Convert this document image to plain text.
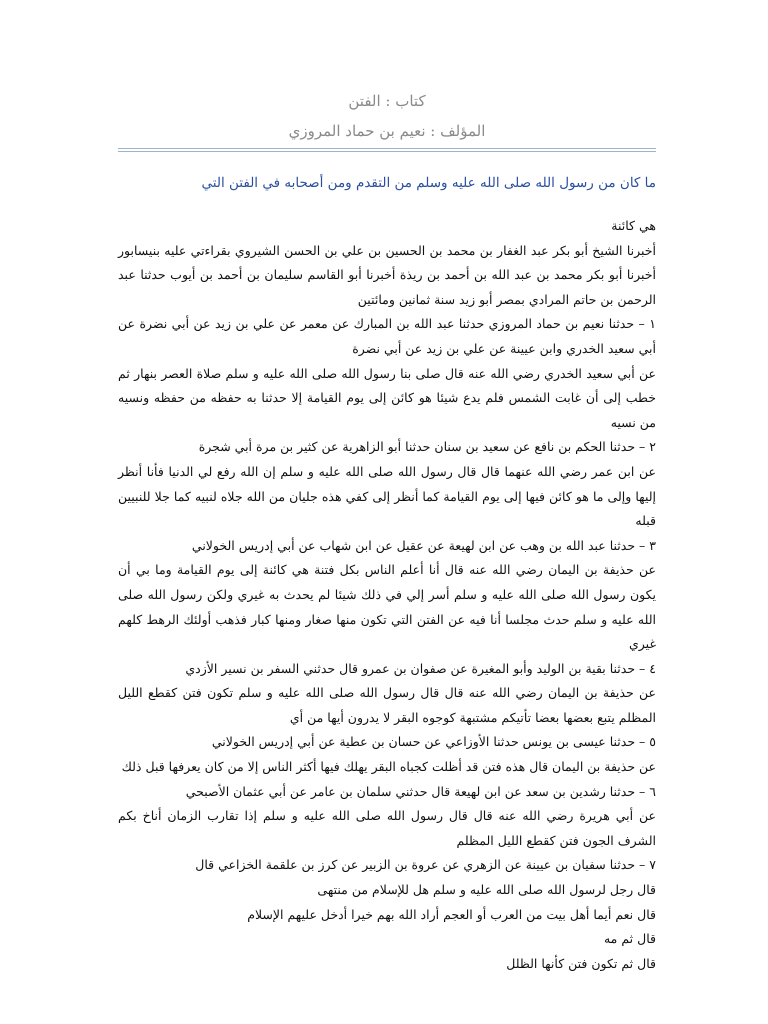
كتاب : الفتن
المؤلف : نعيم بن حماد المروزي
ما كان من رسول الله صلى الله عليه وسلم من التقدم ومن أصحابه في الفتن التي

هي كائنة

أخبرنا الشيخ أبو بكر عبد الغفار بن محمد بن الحسين بن علي بن الحسن الشيروي بقراءتي عليه بنيسابور أخبرنا أبو بكر محمد بن عبد الله بن أحمد بن ريذة أخبرنا أبو القاسم سليمان بن أحمد بن أيوب حدثنا عبد الرحمن بن حاتم المرادي بمصر أبو زيد سنة ثمانين ومائتين

١ – حدثنا نعيم بن حماد المروزي حدثنا عبد الله بن المبارك عن معمر عن علي بن زيد عن أبي نضرة عن أبي سعيد الخدري وابن عيينة عن علي بن زيد عن أبي نضرة

عن أبي سعيد الخدري رضي الله عنه قال صلى بنا رسول الله صلى الله عليه و سلم صلاة العصر بنهار ثم خطب إلى أن غابت الشمس فلم يدع شيئا هو كائن إلى يوم القيامة إلا حدثنا به حفظه من حفظه ونسيه من نسيه

٢ – حدثنا الحكم بن نافع عن سعيد بن سنان حدثنا أبو الزاهرية عن كثير بن مرة أبي شجرة

عن ابن عمر رضي الله عنهما قال قال رسول الله صلى الله عليه و سلم إن الله رفع لي الدنيا فأنا أنظر إليها وإلى ما هو كائن فيها إلى يوم القيامة كما أنظر إلى كفي هذه جليان من الله جلاه لنبيه كما جلا للنبيين قبله

٣ – حدثنا عبد الله بن وهب عن ابن لهيعة عن عقيل عن ابن شهاب عن أبي إدريس الخولاني

عن حذيفة بن اليمان رضي الله عنه قال أنا أعلم الناس بكل فتنة هي كائنة إلى يوم القيامة وما بي أن يكون رسول الله صلى الله عليه و سلم أسر إلي في ذلك شيئا لم يحدث به غيري ولكن رسول الله صلى الله عليه و سلم حدث مجلسا أنا فيه عن الفتن التي تكون منها صغار ومنها كبار فذهب أولئك الرهط كلهم غيري

٤ – حدثنا بقية بن الوليد وأبو المغيرة عن صفوان بن عمرو قال حدثني السفر بن نسير الأزدي

عن حذيفة بن اليمان رضي الله عنه قال قال رسول الله صلى الله عليه و سلم تكون فتن كقطع الليل المظلم يتبع بعضها بعضا تأتيكم مشتبهة كوجوه البقر لا يدرون أيها من أي

٥ – حدثنا عيسى بن يونس حدثنا الأوزاعي عن حسان بن عطية عن أبي إدريس الخولاني

عن حذيفة بن اليمان قال هذه فتن قد أظلت كجباه البقر يهلك فيها أكثر الناس إلا من كان يعرفها قبل ذلك

٦ – حدثنا رشدين بن سعد عن ابن لهيعة قال حدثني سلمان بن عامر عن أبي عثمان الأصبحي

عن أبي هريرة رضي الله عنه قال قال رسول الله صلى الله عليه و سلم إذا تقارب الزمان أناخ بكم الشرف الجون فتن كقطع الليل المظلم

٧ – حدثنا سفيان بن عيينة عن الزهري عن عروة بن الزبير عن كرز بن علقمة الخزاعي قال

قال رجل لرسول الله صلى الله عليه و سلم هل للإسلام من منتهى

قال نعم أيما أهل بيت من العرب أو العجم أراد الله بهم خيرا أدخل عليهم الإسلام

قال ثم مه

قال ثم تكون فتن كأنها الظلل
